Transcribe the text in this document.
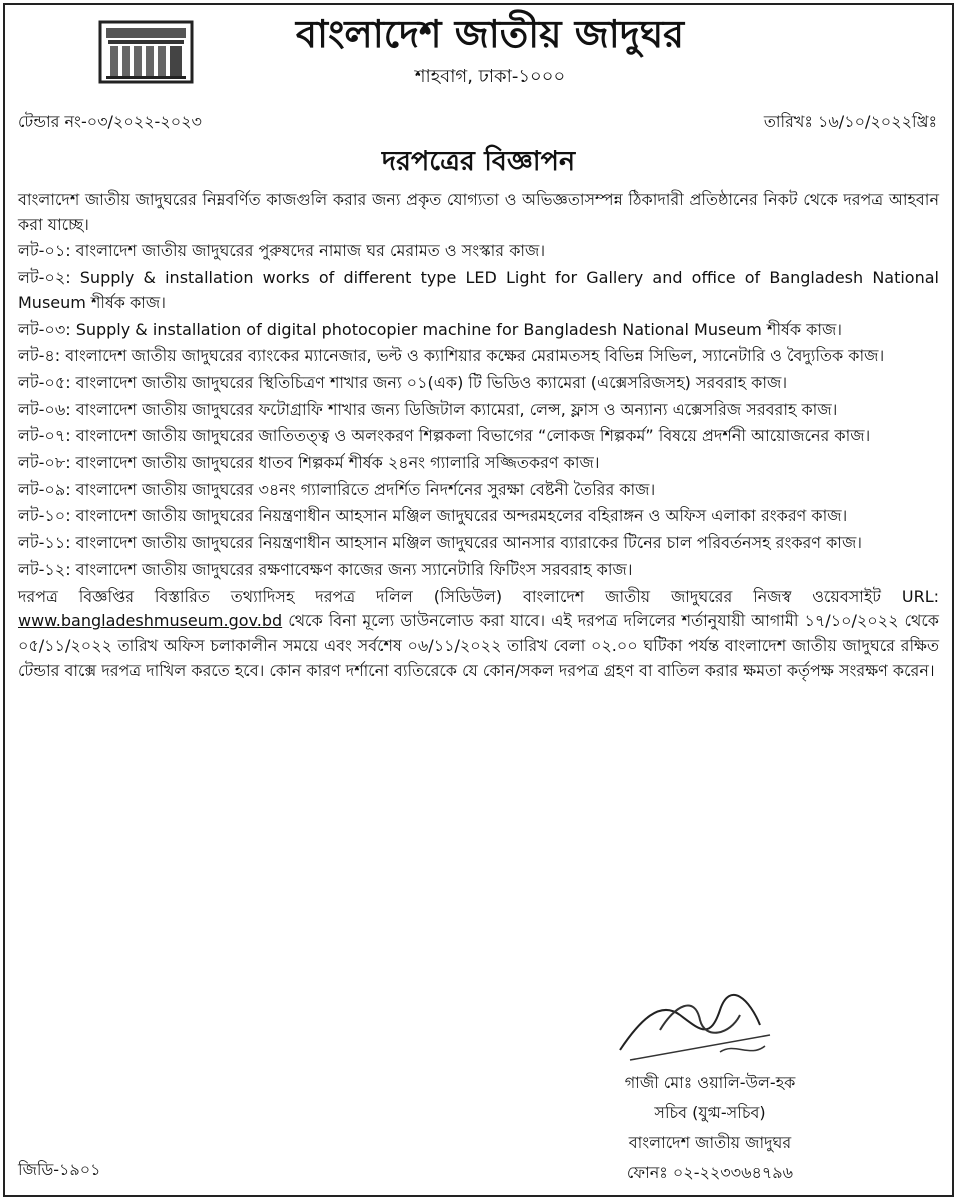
বাংলাদেশ জাতীয় জাদুঘর
শাহবাগ, ঢাকা-১০০০
টেন্ডার নং-০৩/২০২২-২০২৩	তারিখঃ ১৬/১০/২০২২খ্রিঃ
দরপত্রের বিজ্ঞাপন

বাংলাদেশ জাতীয় জাদুঘরের নিম্নবর্ণিত কাজগুলি করার জন্য প্রকৃত যোগ্যতা ও অভিজ্ঞতাসম্পন্ন ঠিকাদারী প্রতিষ্ঠানের নিকট থেকে দরপত্র আহবান করা যাচ্ছে।

লট-০১: বাংলাদেশ জাতীয় জাদুঘরের পুরুষদের নামাজ ঘর মেরামত ও সংস্কার কাজ।

লট-০২: Supply & installation works of different type LED Light for Gallery and office of Bangladesh National Museum শীর্ষক কাজ।

লট-০৩: Supply & installation of digital photocopier machine for Bangladesh National Museum শীর্ষক কাজ।

লট-৪: বাংলাদেশ জাতীয় জাদুঘরের ব্যাংকের ম্যানেজার, ভল্ট ও ক্যাশিয়ার কক্ষের মেরামতসহ বিভিন্ন সিভিল, স্যানেটারি ও বৈদ্যুতিক কাজ।

লট-০৫: বাংলাদেশ জাতীয় জাদুঘরের স্থিতিচিত্রণ শাখার জন্য ০১(এক) টি ভিডিও ক্যামেরা (এক্সেসরিজসহ) সরবরাহ কাজ।

লট-০৬: বাংলাদেশ জাতীয় জাদুঘরের ফটোগ্রাফি শাখার জন্য ডিজিটাল ক্যামেরা, লেন্স, ফ্লাস ও অন্যান্য এক্সেসরিজ সরবরাহ কাজ।

লট-০৭: বাংলাদেশ জাতীয় জাদুঘরের জাতিতত্ত্ব ও অলংকরণ শিল্পকলা বিভাগের “লোকজ শিল্পকর্ম” বিষয়ে প্রদর্শনী আয়োজনের কাজ।

লট-০৮: বাংলাদেশ জাতীয় জাদুঘরের ধাতব শিল্পকর্ম শীর্ষক ২৪নং গ্যালারি সজ্জিতকরণ কাজ।

লট-০৯: বাংলাদেশ জাতীয় জাদুঘরের ৩৪নং গ্যালারিতে প্রদর্শিত নিদর্শনের সুরক্ষা বেষ্টনী তৈরির কাজ।

লট-১০: বাংলাদেশ জাতীয় জাদুঘরের নিয়ন্ত্রণাধীন আহসান মঞ্জিল জাদুঘরের অন্দরমহলের বহিরাঙ্গন ও অফিস এলাকা রংকরণ কাজ।

লট-১১: বাংলাদেশ জাতীয় জাদুঘরের নিয়ন্ত্রণাধীন আহসান মঞ্জিল জাদুঘরের আনসার ব্যারাকের টিনের চাল পরিবর্তনসহ রংকরণ কাজ।

লট-১২: বাংলাদেশ জাতীয় জাদুঘরের রক্ষণাবেক্ষণ কাজের জন্য স্যানেটারি ফিটিংস সরবরাহ কাজ।

দরপত্র বিজ্ঞপ্তির বিস্তারিত তথ্যাদিসহ দরপত্র দলিল (সিডিউল) বাংলাদেশ জাতীয় জাদুঘরের নিজস্ব ওয়েবসাইট URL: www.bangladeshmuseum.gov.bd থেকে বিনা মূল্যে ডাউনলোড করা যাবে। এই দরপত্র দলিলের শর্তানুযায়ী আগামী ১৭/১০/২০২২ থেকে ০৫/১১/২০২২ তারিখ অফিস চলাকালীন সময়ে এবং সর্বশেষ ০৬/১১/২০২২ তারিখ বেলা ০২.০০ ঘটিকা পর্যন্ত বাংলাদেশ জাতীয় জাদুঘরে রক্ষিত টেন্ডার বাক্সে দরপত্র দাখিল করতে হবে। কোন কারণ দর্শানো ব্যতিরেকে যে কোন/সকল দরপত্র গ্রহণ বা বাতিল করার ক্ষমতা কর্তৃপক্ষ সংরক্ষণ করেন।

গাজী মোঃ ওয়ালি-উল-হক
সচিব (যুগ্ম-সচিব)
বাংলাদেশ জাতীয় জাদুঘর
ফোনঃ ০২-২২৩৩৬৪৭৯৬
জিডি-১৯০১
